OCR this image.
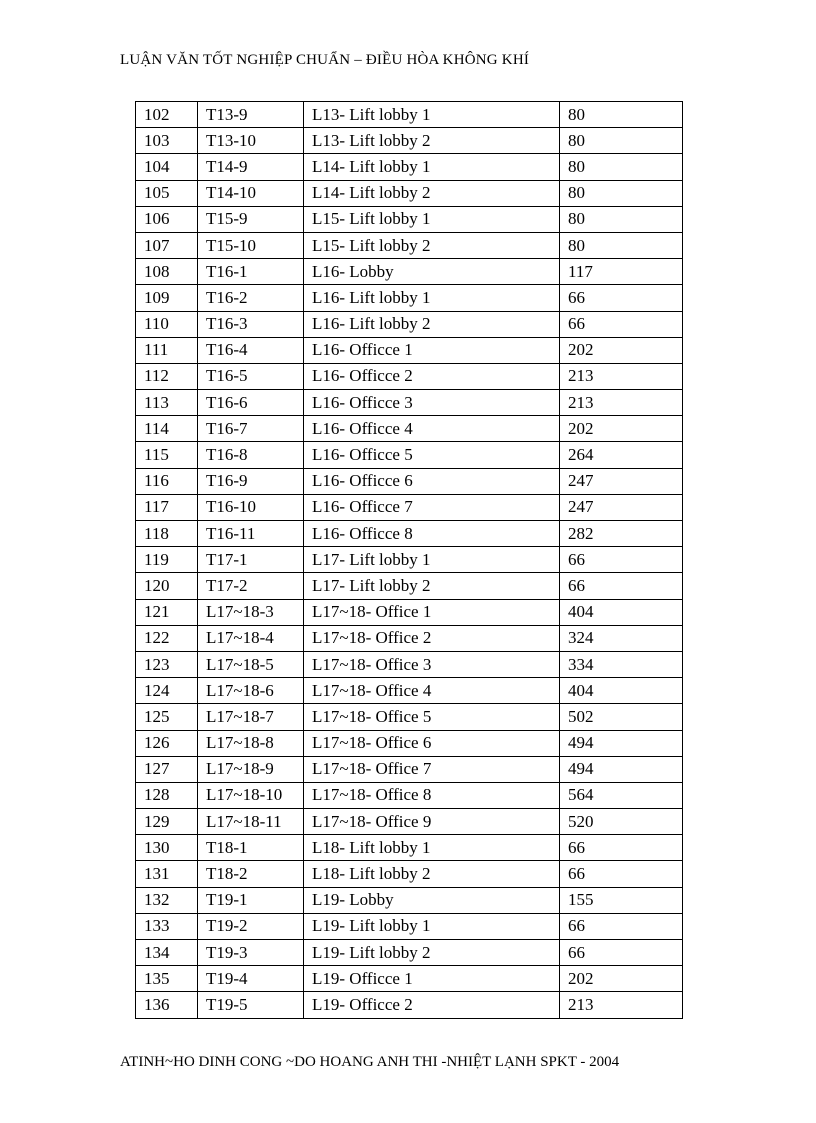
LUẬN VĂN TỐT NGHIỆP CHUẨN – ĐIỀU HÒA KHÔNG KHÍ
102	T13-9	L13- Lift lobby 1	80
103	T13-10	L13- Lift lobby 2	80
104	T14-9	L14- Lift lobby 1	80
105	T14-10	L14- Lift lobby 2	80
106	T15-9	L15- Lift lobby 1	80
107	T15-10	L15- Lift lobby 2	80
108	T16-1	L16- Lobby	117
109	T16-2	L16- Lift lobby 1	66
110	T16-3	L16- Lift lobby 2	66
111	T16-4	L16- Officce 1	202
112	T16-5	L16- Officce 2	213
113	T16-6	L16- Officce 3	213
114	T16-7	L16- Officce 4	202
115	T16-8	L16- Officce 5	264
116	T16-9	L16- Officce 6	247
117	T16-10	L16- Officce 7	247
118	T16-11	L16- Officce 8	282
119	T17-1	L17- Lift lobby 1	66
120	T17-2	L17- Lift lobby 2	66
121	L17~18-3	L17~18- Office 1	404
122	L17~18-4	L17~18- Office 2	324
123	L17~18-5	L17~18- Office 3	334
124	L17~18-6	L17~18- Office 4	404
125	L17~18-7	L17~18- Office 5	502
126	L17~18-8	L17~18- Office 6	494
127	L17~18-9	L17~18- Office 7	494
128	L17~18-10	L17~18- Office 8	564
129	L17~18-11	L17~18- Office 9	520
130	T18-1	L18- Lift lobby 1	66
131	T18-2	L18- Lift lobby 2	66
132	T19-1	L19- Lobby	155
133	T19-2	L19- Lift lobby 1	66
134	T19-3	L19- Lift lobby 2	66
135	T19-4	L19- Officce 1	202
136	T19-5	L19- Officce 2	213
ATINH~HO DINH CONG ~DO HOANG ANH THI -NHIỆT LẠNH SPKT - 2004
